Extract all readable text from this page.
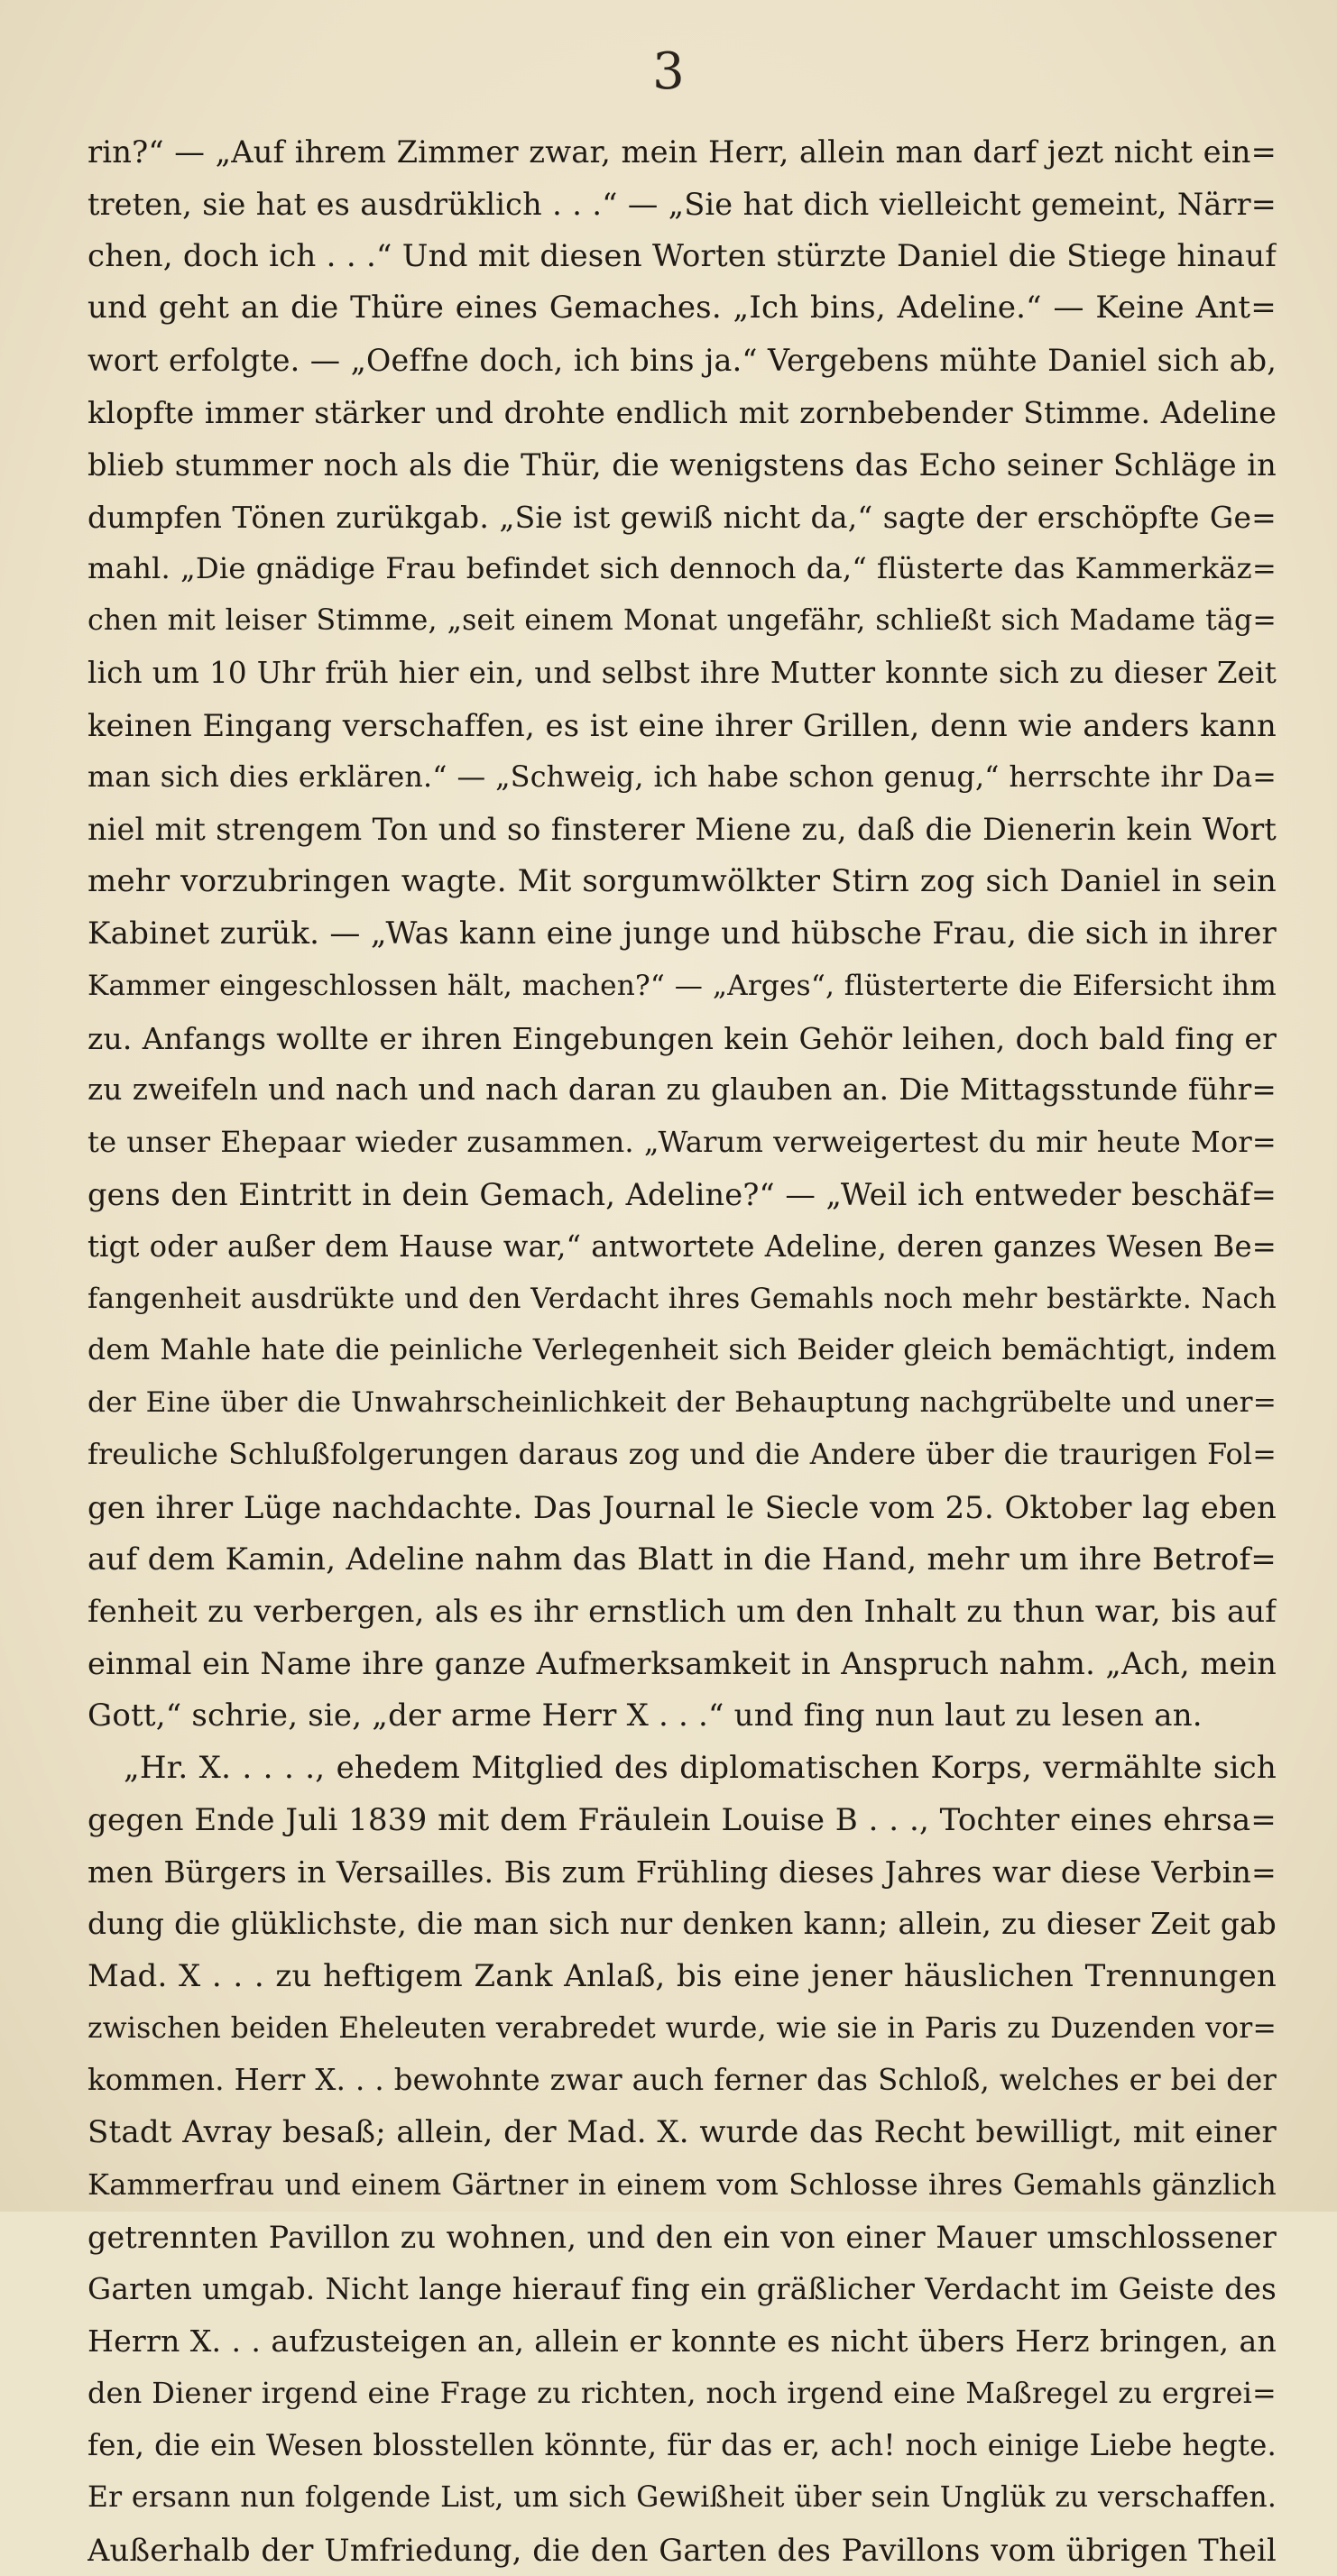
3
rin?“ — „Auf ihrem Zimmer zwar, mein Herr, allein man darf jezt nicht ein=
treten, sie hat es ausdrüklich . . .“ — „Sie hat dich vielleicht gemeint, Närr=
chen, doch ich . . .“ Und mit diesen Worten stürzte Daniel die Stiege hinauf
und geht an die Thüre eines Gemaches. „Ich bins, Adeline.“ — Keine Ant=
wort erfolgte. — „Oeffne doch, ich bins ja.“ Vergebens mühte Daniel sich ab,
klopfte immer stärker und drohte endlich mit zornbebender Stimme. Adeline
blieb stummer noch als die Thür, die wenigstens das Echo seiner Schläge in
dumpfen Tönen zurükgab. „Sie ist gewiß nicht da,“ sagte der erschöpfte Ge=
mahl. „Die gnädige Frau befindet sich dennoch da,“ flüsterte das Kammerkäz=
chen mit leiser Stimme, „seit einem Monat ungefähr, schließt sich Madame täg=
lich um 10 Uhr früh hier ein, und selbst ihre Mutter konnte sich zu dieser Zeit
keinen Eingang verschaffen, es ist eine ihrer Grillen, denn wie anders kann
man sich dies erklären.“ — „Schweig, ich habe schon genug,“ herrschte ihr Da=
niel mit strengem Ton und so finsterer Miene zu, daß die Dienerin kein Wort
mehr vorzubringen wagte. Mit sorgumwölkter Stirn zog sich Daniel in sein
Kabinet zurük. — „Was kann eine junge und hübsche Frau, die sich in ihrer
Kammer eingeschlossen hält, machen?“ — „Arges“, flüsterterte die Eifersicht ihm
zu. Anfangs wollte er ihren Eingebungen kein Gehör leihen, doch bald fing er
zu zweifeln und nach und nach daran zu glauben an. Die Mittagsstunde führ=
te unser Ehepaar wieder zusammen. „Warum verweigertest du mir heute Mor=
gens den Eintritt in dein Gemach, Adeline?“ — „Weil ich entweder beschäf=
tigt oder außer dem Hause war,“ antwortete Adeline, deren ganzes Wesen Be=
fangenheit ausdrükte und den Verdacht ihres Gemahls noch mehr bestärkte. Nach
dem Mahle hate die peinliche Verlegenheit sich Beider gleich bemächtigt, indem
der Eine über die Unwahrscheinlichkeit der Behauptung nachgrübelte und uner=
freuliche Schlußfolgerungen daraus zog und die Andere über die traurigen Fol=
gen ihrer Lüge nachdachte. Das Journal le Siecle vom 25. Oktober lag eben
auf dem Kamin, Adeline nahm das Blatt in die Hand, mehr um ihre Betrof=
fenheit zu verbergen, als es ihr ernstlich um den Inhalt zu thun war, bis auf
einmal ein Name ihre ganze Aufmerksamkeit in Anspruch nahm. „Ach, mein
Gott,“ schrie, sie, „der arme Herr X . . .“ und fing nun laut zu lesen an.
„Hr. X. . . . ., ehedem Mitglied des diplomatischen Korps, vermählte sich
gegen Ende Juli 1839 mit dem Fräulein Louise B . . ., Tochter eines ehrsa=
men Bürgers in Versailles. Bis zum Frühling dieses Jahres war diese Verbin=
dung die glüklichste, die man sich nur denken kann; allein, zu dieser Zeit gab
Mad. X . . . zu heftigem Zank Anlaß, bis eine jener häuslichen Trennungen
zwischen beiden Eheleuten verabredet wurde, wie sie in Paris zu Duzenden vor=
kommen. Herr X. . . bewohnte zwar auch ferner das Schloß, welches er bei der
Stadt Avray besaß; allein, der Mad. X. wurde das Recht bewilligt, mit einer
Kammerfrau und einem Gärtner in einem vom Schlosse ihres Gemahls gänzlich
getrennten Pavillon zu wohnen, und den ein von einer Mauer umschlossener
Garten umgab. Nicht lange hierauf fing ein gräßlicher Verdacht im Geiste des
Herrn X. . . aufzusteigen an, allein er konnte es nicht übers Herz bringen, an
den Diener irgend eine Frage zu richten, noch irgend eine Maßregel zu ergrei=
fen, die ein Wesen blosstellen könnte, für das er, ach! noch einige Liebe hegte.
Er ersann nun folgende List, um sich Gewißheit über sein Unglük zu verschaffen.
Außerhalb der Umfriedung, die den Garten des Pavillons vom übrigen Theil
